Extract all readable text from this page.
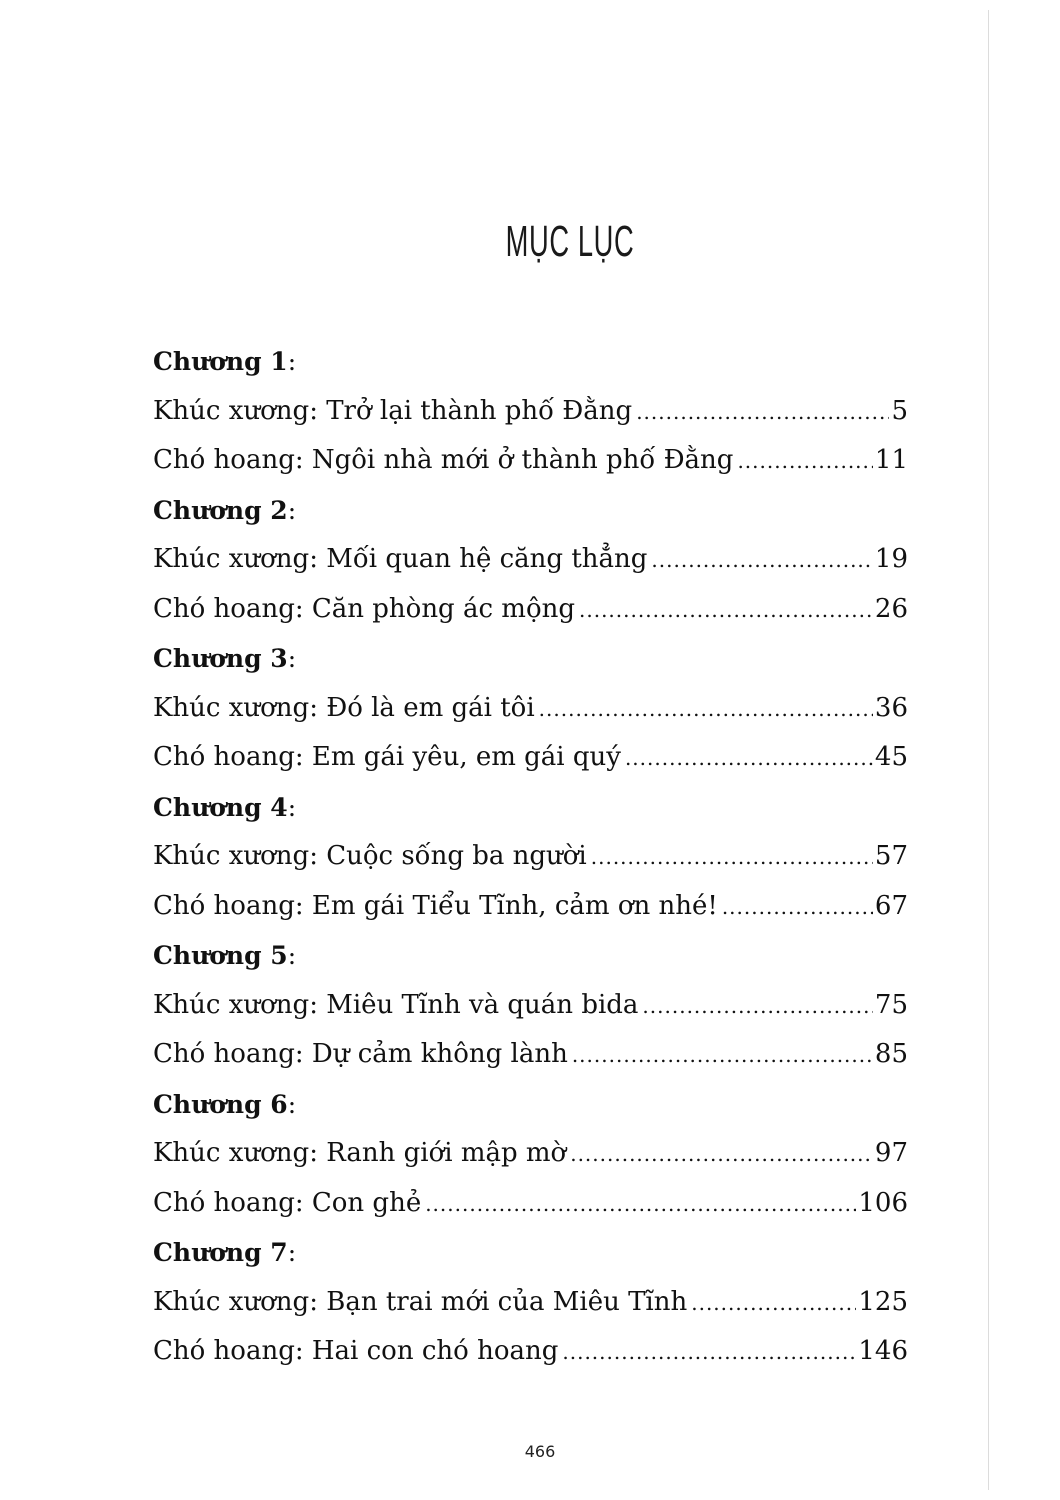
MỤC LỤC
Chương 1:
Khúc xương: Trở lại thành phố Đằng .....	5
Chó hoang: Ngôi nhà mới ở thành phố Đằng .....	11
Chương 2:
Khúc xương: Mối quan hệ căng thẳng .....	19
Chó hoang: Căn phòng ác mộng .....	26
Chương 3:
Khúc xương: Đó là em gái tôi .....	36
Chó hoang: Em gái yêu, em gái quý .....	45
Chương 4:
Khúc xương: Cuộc sống ba người .....	57
Chó hoang: Em gái Tiểu Tĩnh, cảm ơn nhé! .....	67
Chương 5:
Khúc xương: Miêu Tĩnh và quán bida .....	75
Chó hoang: Dự cảm không lành .....	85
Chương 6:
Khúc xương: Ranh giới mập mờ .....	97
Chó hoang: Con ghẻ .....	106
Chương 7:
Khúc xương: Bạn trai mới của Miêu Tĩnh .....	125
Chó hoang: Hai con chó hoang .....	146
466
